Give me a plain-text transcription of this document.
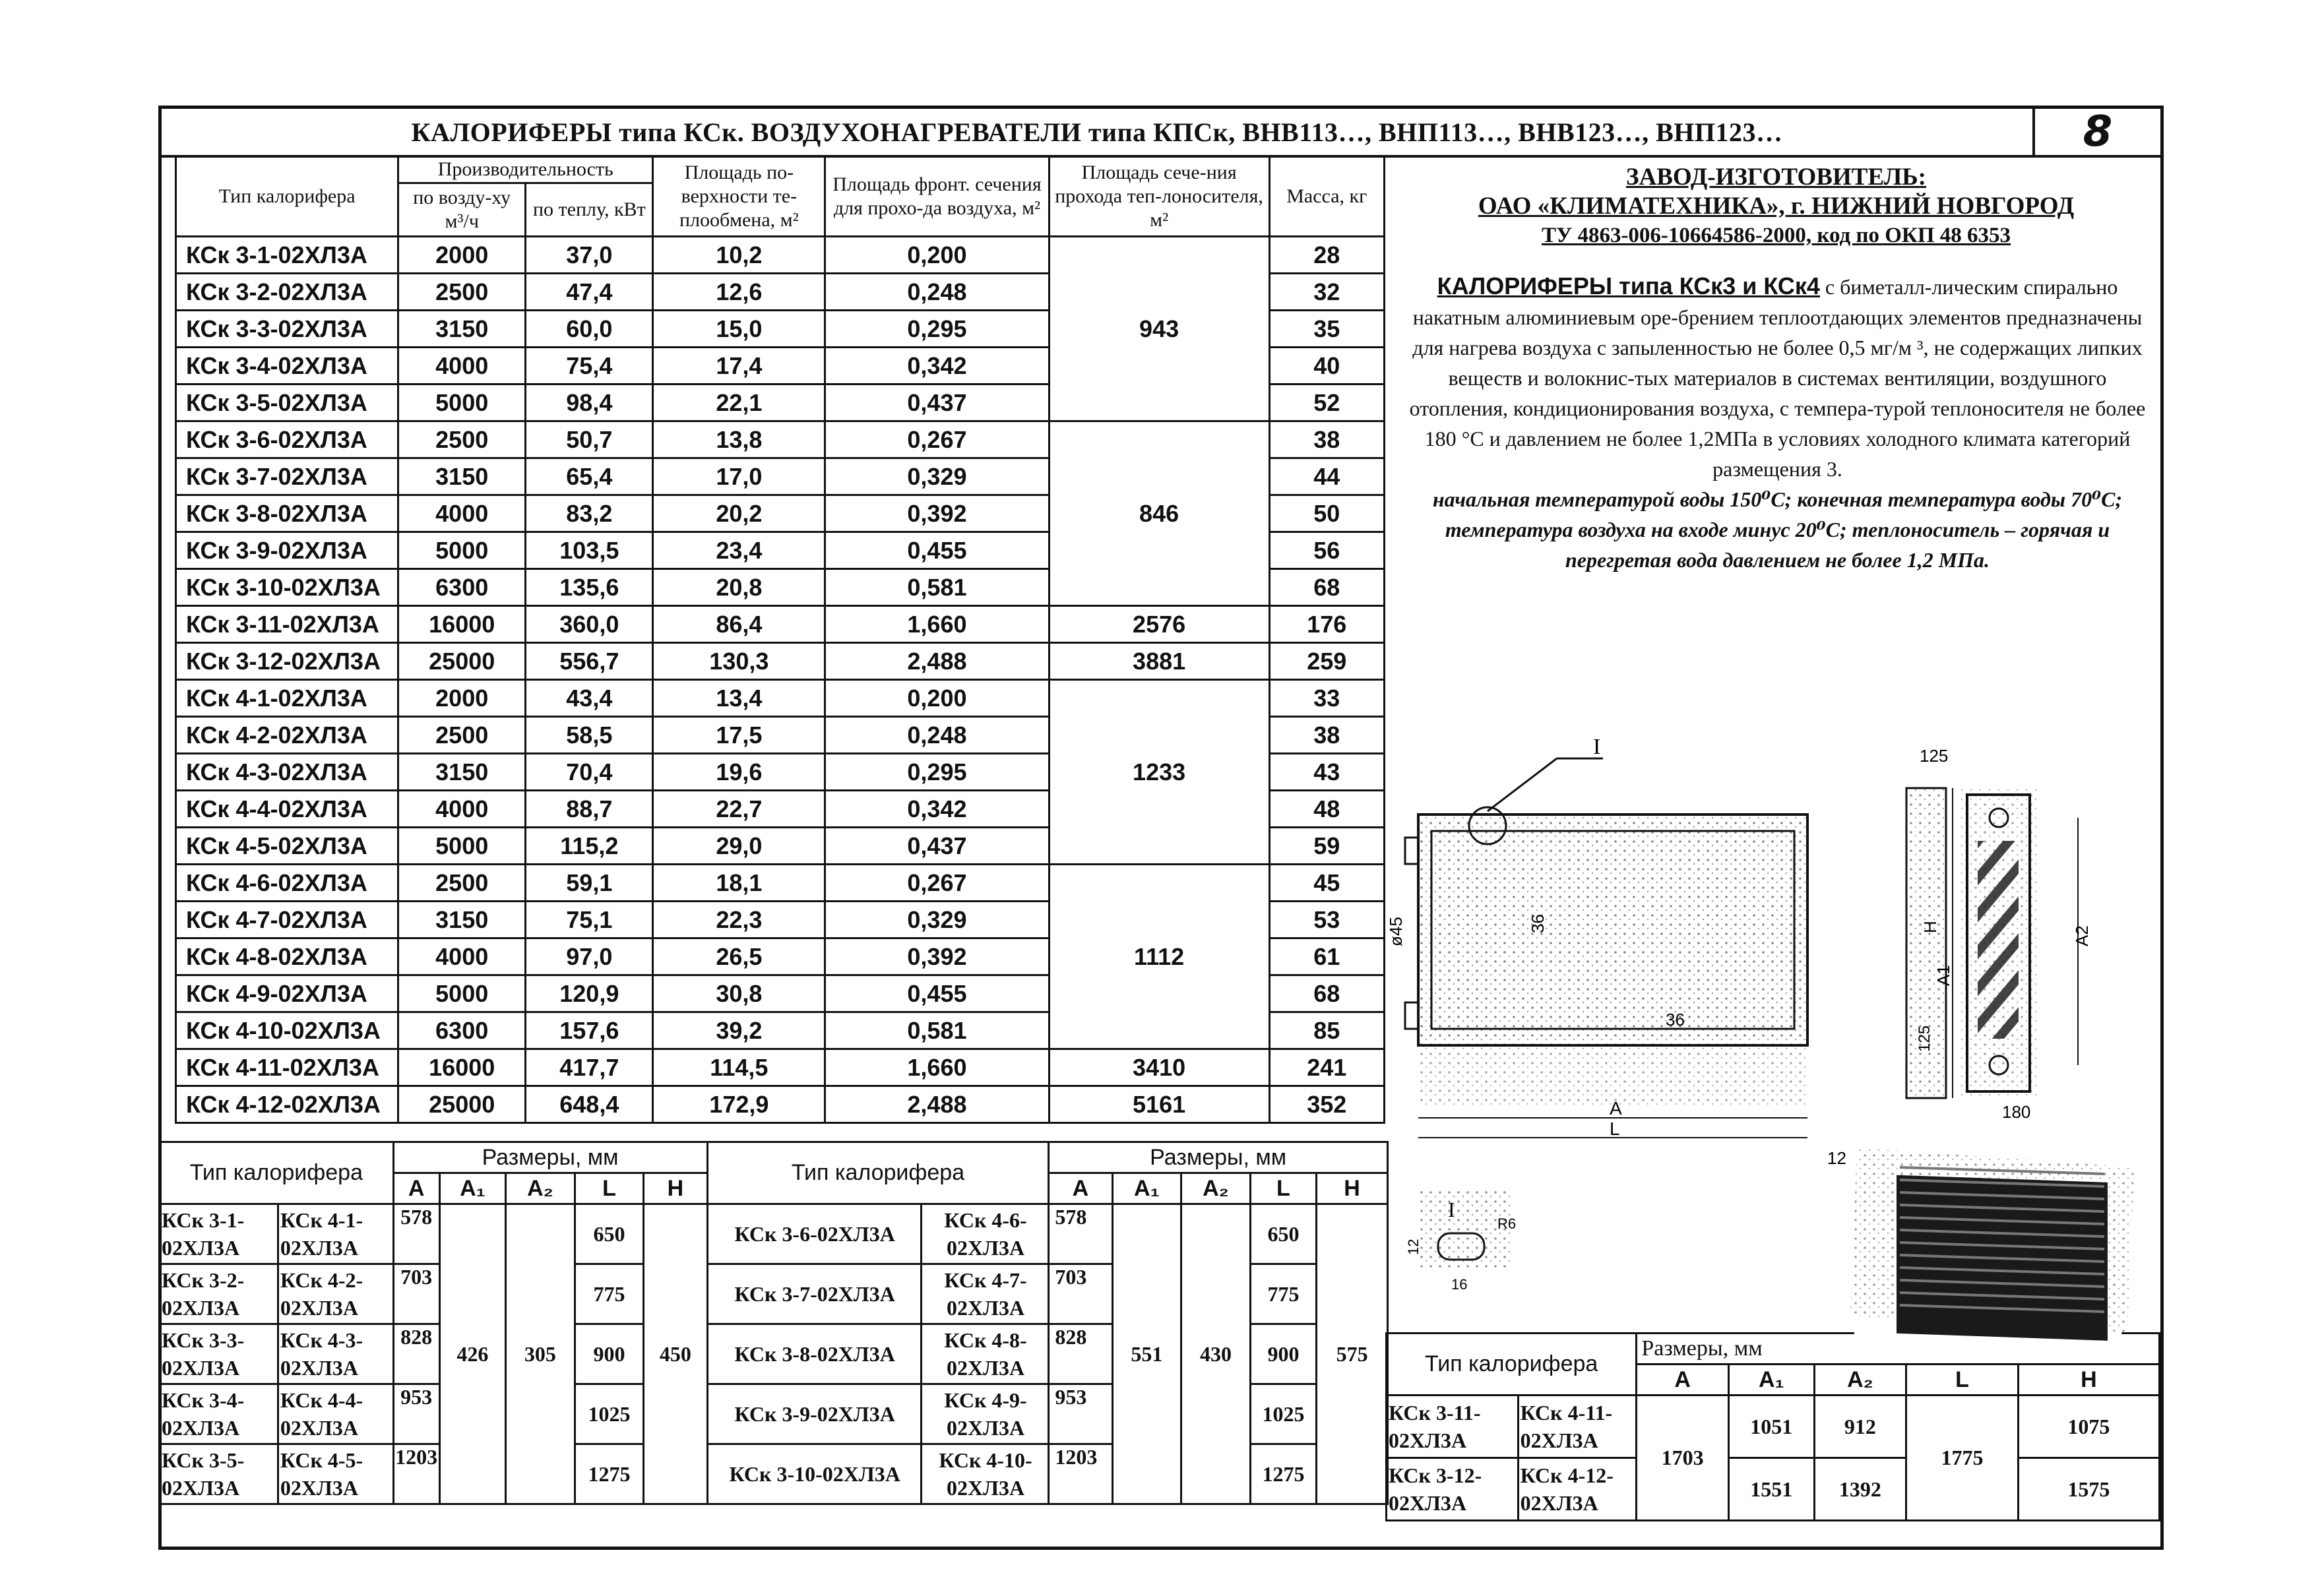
КАЛОРИФЕРЫ типа КСк. ВОЗДУХОНАГРЕВАТЕЛИ типа КПСк, ВНВ113…, ВНП113…, ВНВ123…, ВНП123…	8
Тип калорифера	Производительность		Площадь по-верхности те-плообмена, м²	Площадь фронт. сечения для прохо-да воздуха, м²	Площадь сече-ния прохода теп-лоносителя, м²	Масса, кг
	по возду-ху м³/ч	по теплу, кВт				
КСк 3-1-02ХЛ3А	2000	37,0	10,2	0,200	943	28
КСк 3-2-02ХЛ3А	2500	47,4	12,6	0,248		32
КСк 3-3-02ХЛ3А	3150	60,0	15,0	0,295		35
КСк 3-4-02ХЛ3А	4000	75,4	17,4	0,342		40
КСк 3-5-02ХЛ3А	5000	98,4	22,1	0,437		52
КСк 3-6-02ХЛ3А	2500	50,7	13,8	0,267	846	38
КСк 3-7-02ХЛ3А	3150	65,4	17,0	0,329		44
КСк 3-8-02ХЛ3А	4000	83,2	20,2	0,392		50
КСк 3-9-02ХЛ3А	5000	103,5	23,4	0,455		56
КСк 3-10-02ХЛ3А	6300	135,6	20,8	0,581		68
КСк 3-11-02ХЛ3А	16000	360,0	86,4	1,660	2576	176
КСк 3-12-02ХЛ3А	25000	556,7	130,3	2,488	3881	259
КСк 4-1-02ХЛ3А	2000	43,4	13,4	0,200	1233	33
КСк 4-2-02ХЛ3А	2500	58,5	17,5	0,248		38
КСк 4-3-02ХЛ3А	3150	70,4	19,6	0,295		43
КСк 4-4-02ХЛ3А	4000	88,7	22,7	0,342		48
КСк 4-5-02ХЛ3А	5000	115,2	29,0	0,437		59
КСк 4-6-02ХЛ3А	2500	59,1	18,1	0,267	1112	45
КСк 4-7-02ХЛ3А	3150	75,1	22,3	0,329		53
КСк 4-8-02ХЛ3А	4000	97,0	26,5	0,392		61
КСк 4-9-02ХЛ3А	5000	120,9	30,8	0,455		68
КСк 4-10-02ХЛ3А	6300	157,6	39,2	0,581		85
КСк 4-11-02ХЛ3А	16000	417,7	114,5	1,660	3410	241
КСк 4-12-02ХЛ3А	25000	648,4	172,9	2,488	5161	352
ЗАВОД-ИЗГОТОВИТЕЛЬ:
ОАО «КЛИМАТЕХНИКА», г. НИЖНИЙ НОВГОРОД
ТУ 4863-006-10664586-2000, код по ОКП 48 6353
КАЛОРИФЕРЫ типа КСк3 и КСк4 с биметалл-лическим спирально накатным алюминиевым оре-брением теплоотдающих элементов предназначены для нагрева воздуха с запыленностью не более 0,5 мг/м ³, не содержащих липких веществ и волокнис-тых материалов в системах вентиляции, воздушного отопления, кондиционирования воздуха, с темпера-турой теплоносителя не более 180 °С и давлением не более 1,2МПа в условиях холодного климата категорий размещения 3.
начальная температурой воды 150⁰С; конечная температура воды 70⁰С; температура воздуха на входе минус 20⁰С; теплоноситель – горячая и перегретая вода давлением не более 1,2 МПа.
Тип калорифера		Размеры, мм					Тип калорифера		Размеры, мм				
		A	A₁	A₂	L	H			A	A₁	A₂	L	H
КСк 3-1-02ХЛ3А	КСк 4-1-02ХЛ3А	578	426	305	650	450	КСк 3-6-02ХЛ3А	КСк 4-6-02ХЛ3А	578	551	430	650	575
КСк 3-2-02ХЛ3А	КСк 4-2-02ХЛ3А	703			775		КСк 3-7-02ХЛ3А	КСк 4-7-02ХЛ3А	703			775	
КСк 3-3-02ХЛ3А	КСк 4-3-02ХЛ3А	828			900		КСк 3-8-02ХЛ3А	КСк 4-8-02ХЛ3А	828			900	
КСк 3-4-02ХЛ3А	КСк 4-4-02ХЛ3А	953			1025		КСк 3-9-02ХЛ3А	КСк 4-9-02ХЛ3А	953			1025	
КСк 3-5-02ХЛ3А	КСк 4-5-02ХЛ3А	1203			1275		КСк 3-10-02ХЛ3А	КСк 4-10-02ХЛ3А	1203			1275	
Тип калорифера		Размеры, мм				
		A	A₁	A₂	L	H
КСк 3-11-02ХЛ3А	КСк 4-11-02ХЛ3А	1703	1051	912	1775	1075
КСк 3-12-02ХЛ3А	КСк 4-12-02ХЛ3А		1551	1392		1575
I
A
L
ø45	36
36
125
H
A1
A2
125
180
12
I
R6
12
16
